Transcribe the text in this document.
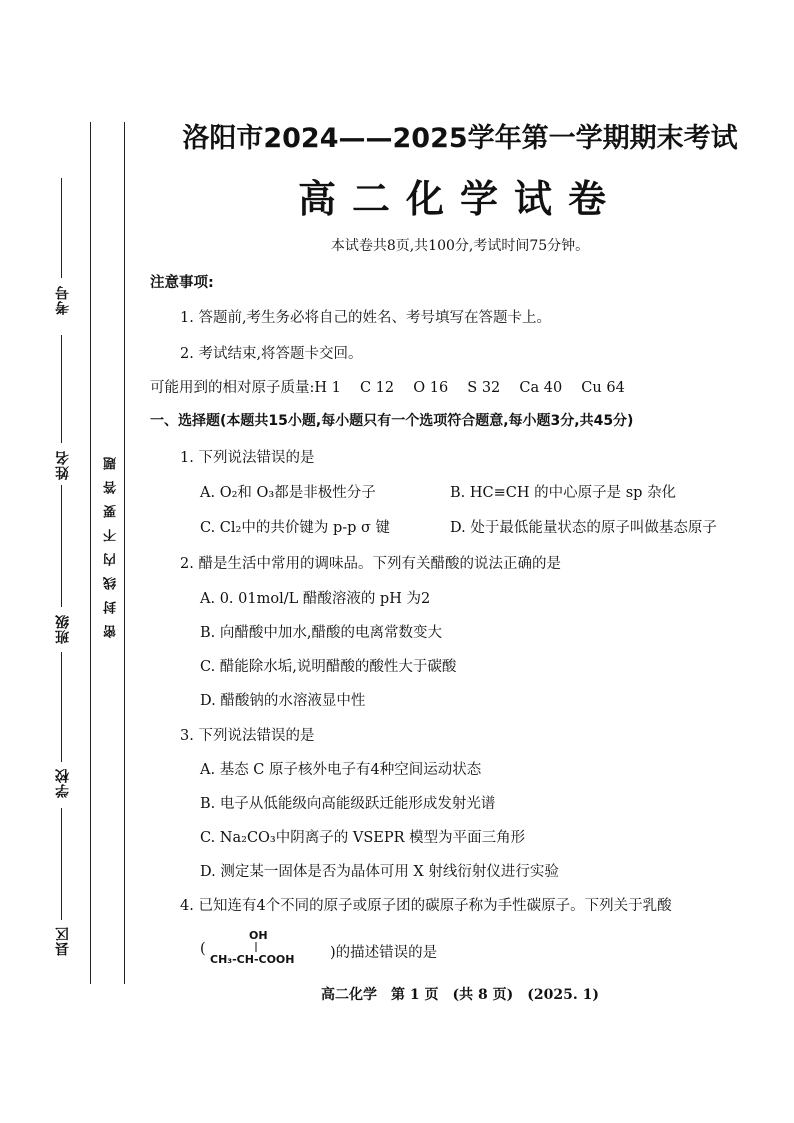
密封线内不要答题
考号
姓名
班级
学校
县区
洛阳市2024——2025学年第一学期期末考试
高二化学试卷
本试卷共8页,共100分,考试时间75分钟。
注意事项:
1. 答题前,考生务必将自己的姓名、考号填写在答题卡上。
2. 考试结束,将答题卡交回。
可能用到的相对原子质量:H 1　 C 12　 O 16　 S 32　 Ca 40　 Cu 64
一、选择题(本题共15小题,每小题只有一个选项符合题意,每小题3分,共45分)
1. 下列说法错误的是
A. O₂和 O₃都是非极性分子	B. HC≡CH 的中心原子是 sp 杂化
C. Cl₂中的共价键为 p-p σ 键	D. 处于最低能量状态的原子叫做基态原子
2. 醋是生活中常用的调味品。下列有关醋酸的说法正确的是
A. 0. 01mol/L 醋酸溶液的 pH 为2
B. 向醋酸中加水,醋酸的电离常数变大
C. 醋能除水垢,说明醋酸的酸性大于碳酸
D. 醋酸钠的水溶液显中性
3. 下列说法错误的是
A. 基态 C 原子核外电子有4种空间运动状态
B. 电子从低能级向高能级跃迁能形成发射光谱
C. Na₂CO₃中阴离子的 VSEPR 模型为平面三角形
D. 测定某一固体是否为晶体可用 X 射线衍射仪进行实验
4. 已知连有4个不同的原子或原子团的碳原子称为手性碳原子。下列关于乳酸
(
OH
CH₃-CH-COOH )的描述错误的是
高二化学　第 1 页　(共 8 页)　(2025. 1)
